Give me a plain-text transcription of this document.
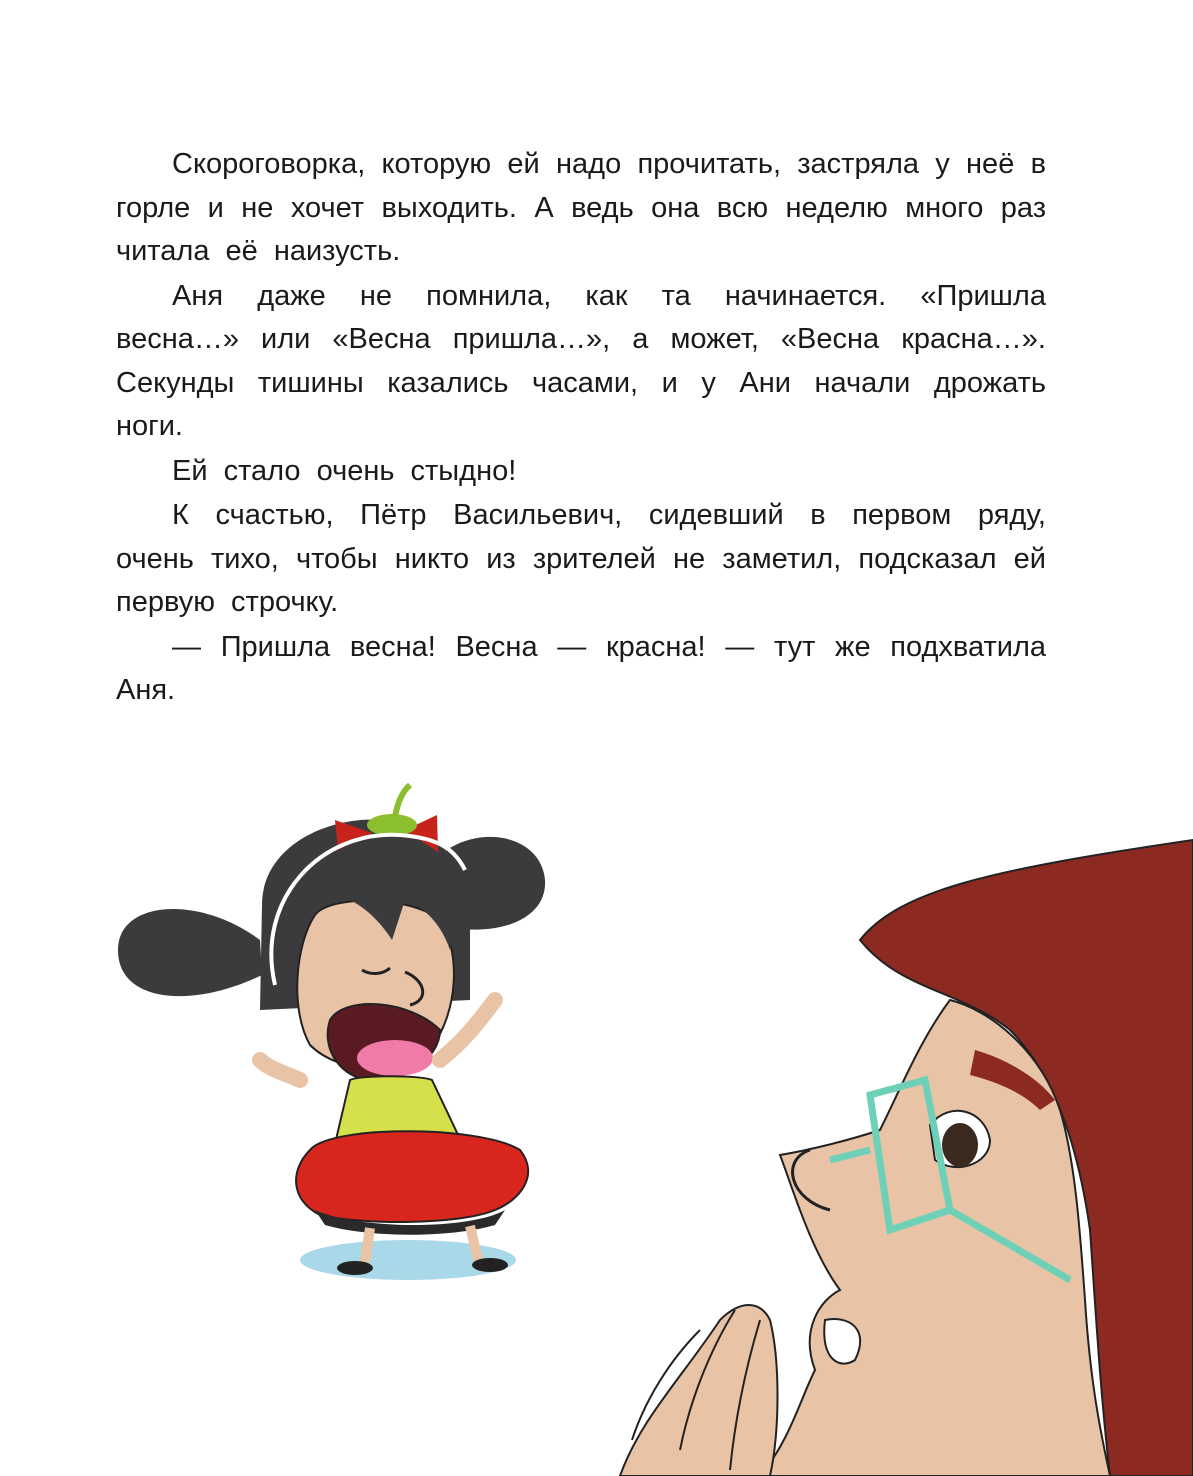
Скороговорка, которую ей надо прочитать, застряла у неё в горле и не хочет выходить. А ведь она всю неделю много раз читала её наизусть.

Аня даже не помнила, как та начинается. «Пришла весна…» или «Весна пришла…», а может, «Весна красна…». Секунды тишины казались часами, и у Ани начали дрожать ноги.

Ей стало очень стыдно!

К счастью, Пётр Васильевич, сидевший в первом ряду, очень тихо, чтобы никто из зрителей не заметил, подсказал ей первую строчку.

— Пришла весна! Весна — красна! — тут же подхватила Аня.
